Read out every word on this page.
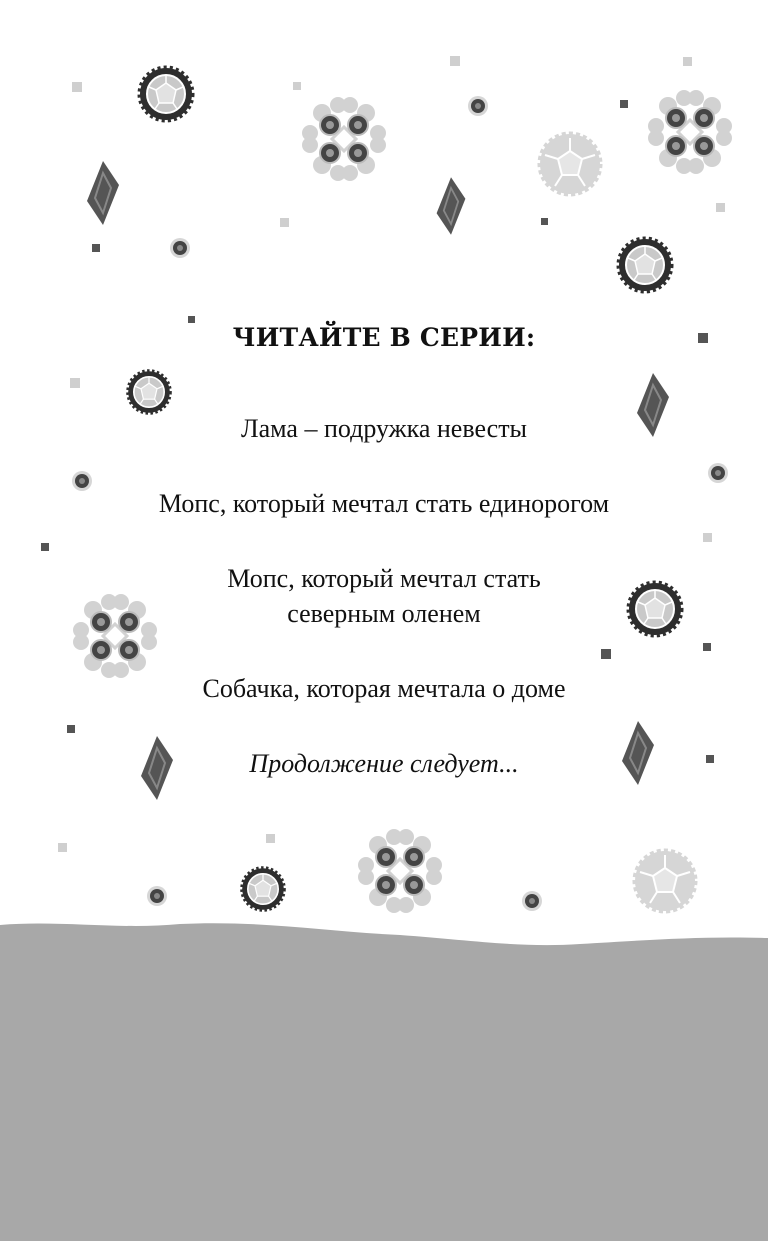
ЧИТАЙТЕ В СЕРИИ:

Лама – подружка невесты

Мопс, который мечтал стать единорогом

Мопс, который мечтал стать

северным оленем

Собачка, которая мечтала о доме

Продолжение следует...
